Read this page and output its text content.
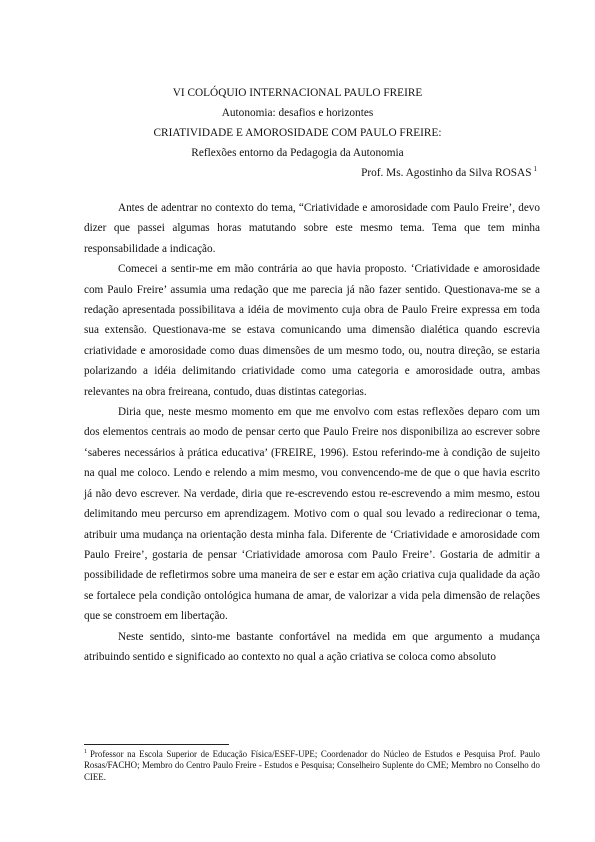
VI COLÓQUIO INTERNACIONAL PAULO FREIRE
Autonomia: desafios e horizontes
CRIATIVIDADE E AMOROSIDADE COM PAULO FREIRE:
Reflexões entorno da Pedagogia da Autonomia
Prof. Ms. Agostinho da Silva ROSAS $^1$

Antes de adentrar no contexto do tema, “Criatividade e amorosidade com Paulo Freire’, devo dizer que passei algumas horas matutando sobre este mesmo tema. Tema que tem minha responsabilidade a indicação.

Comecei a sentir-me em mão contrária ao que havia proposto. ‘Criatividade e amorosidade com Paulo Freire’ assumia uma redação que me parecia já não fazer sentido. Questionava-me se a redação apresentada possibilitava a idéia de movimento cuja obra de Paulo Freire expressa em toda sua extensão. Questionava-me se estava comunicando uma dimensão dialética quando escrevia criatividade e amorosidade como duas dimensões de um mesmo todo, ou, noutra direção, se estaria polarizando a idéia delimitando criatividade como uma categoria e amorosidade outra, ambas relevantes na obra freireana, contudo, duas distintas categorias.

Diria que, neste mesmo momento em que me envolvo com estas reflexões deparo com um dos elementos centrais ao modo de pensar certo que Paulo Freire nos disponibiliza ao escrever sobre ‘saberes necessários à prática educativa’ (FREIRE, 1996). Estou referindo-me à condição de sujeito na qual me coloco. Lendo e relendo a mim mesmo, vou convencendo-me de que o que havia escrito já não devo escrever. Na verdade, diria que re-escrevendo estou re-escrevendo a mim mesmo, estou delimitando meu percurso em aprendizagem. Motivo com o qual sou levado a redirecionar o tema, atribuir uma mudança na orientação desta minha fala. Diferente de ‘Criatividade e amorosidade com Paulo Freire’, gostaria de pensar ‘Criatividade amorosa com Paulo Freire’. Gostaria de admitir a possibilidade de refletirmos sobre uma maneira de ser e estar em ação criativa cuja qualidade da ação se fortalece pela condição ontológica humana de amar, de valorizar a vida pela dimensão de relações que se constroem em libertação.

Neste sentido, sinto-me bastante confortável na medida em que argumento a mudança atribuindo sentido e significado ao contexto no qual a ação criativa se coloca como absoluto

$^1$ Professor na Escola Superior de Educação Física/ESEF-UPE; Coordenador do Núcleo de Estudos e Pesquisa Prof. Paulo Rosas/FACHO; Membro do Centro Paulo Freire - Estudos e Pesquisa; Conselheiro Suplente do CME; Membro no Conselho do CIEE.
